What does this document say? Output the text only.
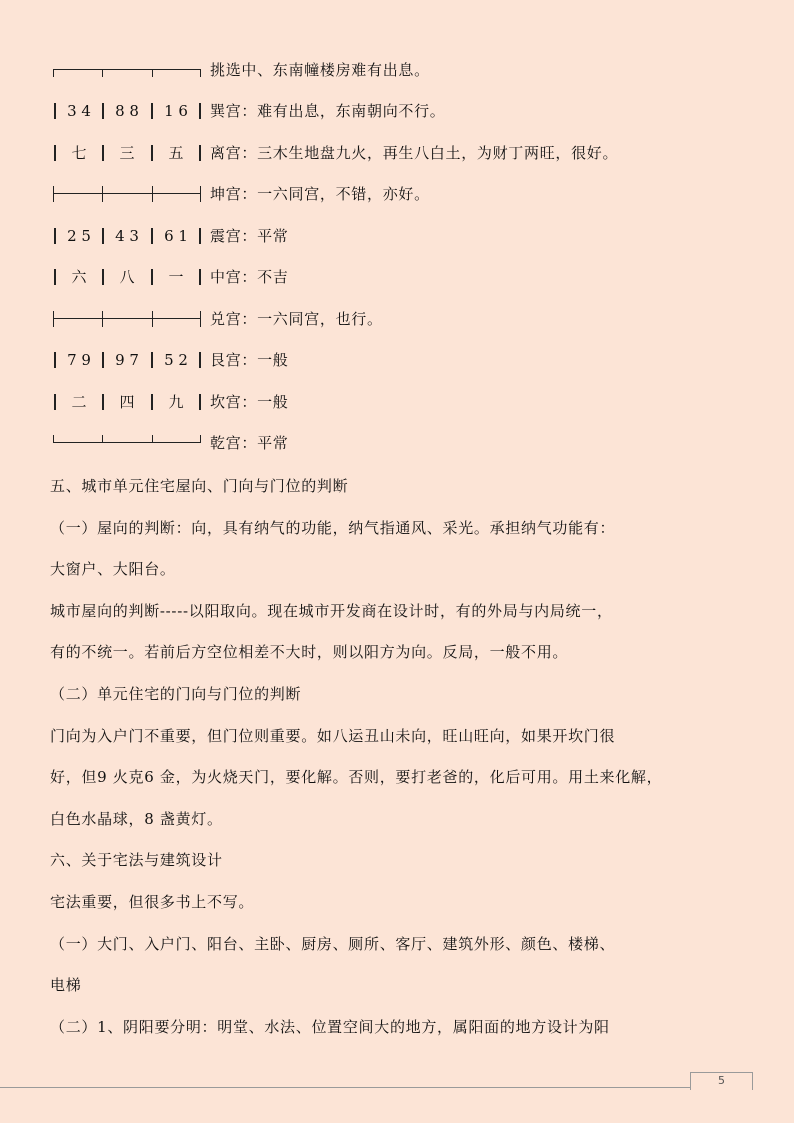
挑选中、东南幢楼房难有出息。
3 4	8 8	1 6	巽宫：难有出息，东南朝向不行。
七	三	五	离宫：三木生地盘九火，再生八白土，为财丁两旺，很好。
坤宫：一六同宫，不错，亦好。
2 5	4 3	6 1	震宫：平常
六	八	一	中宫：不吉
兑宫：一六同宫，也行。
7 9	9 7	5 2	艮宫：一般
二	四	九	坎宫：一般
乾宫：平常
五、城市单元住宅屋向、门向与门位的判断
（一）屋向的判断：向，具有纳气的功能，纳气指通风、采光。承担纳气功能有：
大窗户、大阳台。
城市屋向的判断-----以阳取向。现在城市开发商在设计时，有的外局与内局统一，
有的不统一。若前后方空位相差不大时，则以阳方为向。反局，一般不用。
（二）单元住宅的门向与门位的判断
门向为入户门不重要，但门位则重要。如八运丑山未向，旺山旺向，如果开坎门很
好，但9 火克6 金，为火烧天门，要化解。否则，要打老爸的，化后可用。用土来化解，
白色水晶球，8 盏黄灯。
六、关于宅法与建筑设计
宅法重要，但很多书上不写。
（一）大门、入户门、阳台、主卧、厨房、厕所、客厅、建筑外形、颜色、楼梯、
电梯
（二）1、阴阳要分明：明堂、水法、位置空间大的地方，属阳面的地方设计为阳
5
